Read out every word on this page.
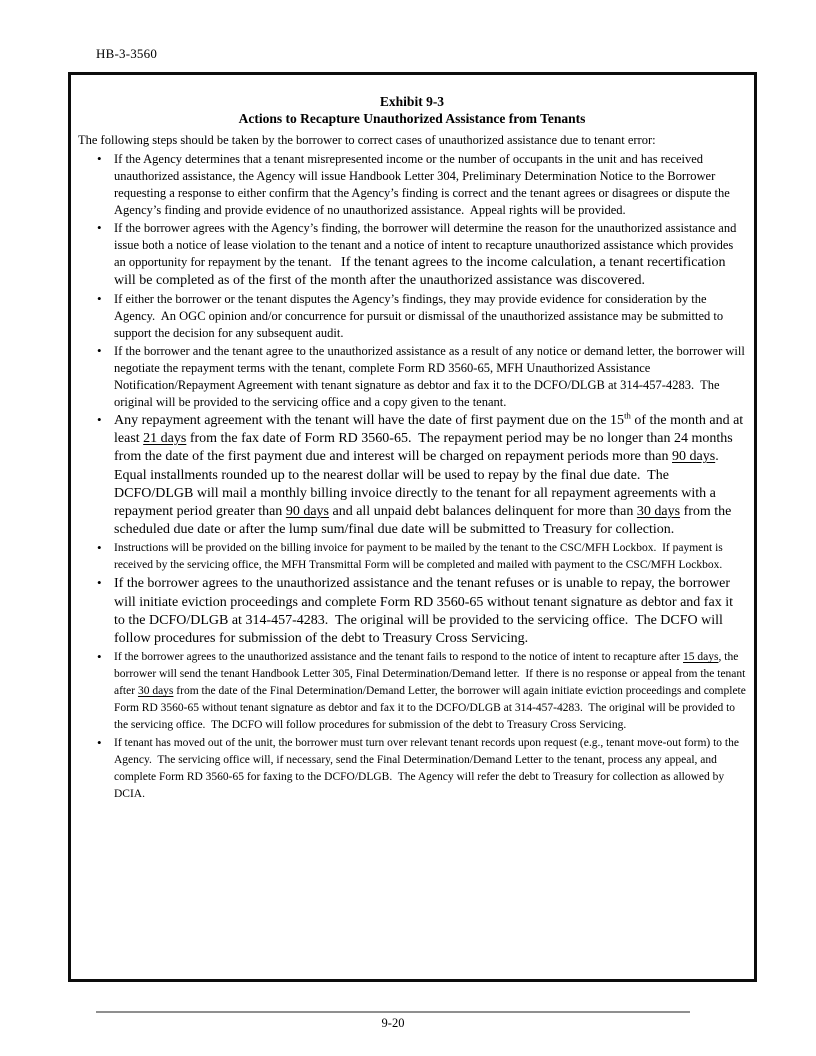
HB-3-3560
Exhibit 9-3
Actions to Recapture Unauthorized Assistance from Tenants
The following steps should be taken by the borrower to correct cases of unauthorized assistance due to tenant error:
• If the Agency determines that a tenant misrepresented income or the number of occupants in the unit and has received unauthorized assistance, the Agency will issue Handbook Letter 304, Preliminary Determination Notice to the Borrower requesting a response to either confirm that the Agency’s finding is correct and the tenant agrees or disagrees or dispute the Agency’s finding and provide evidence of no unauthorized assistance.  Appeal rights will be provided.
• If the borrower agrees with the Agency’s finding, the borrower will determine the reason for the unauthorized assistance and issue both a notice of lease violation to the tenant and a notice of intent to recapture unauthorized assistance which provides an opportunity for repayment by the tenant.   If the tenant agrees to the income calculation, a tenant recertification will be completed as of the first of the month after the unauthorized assistance was discovered.
• If either the borrower or the tenant disputes the Agency’s findings, they may provide evidence for consideration by the Agency.  An OGC opinion and/or concurrence for pursuit or dismissal of the unauthorized assistance may be submitted to support the decision for any subsequent audit.
• If the borrower and the tenant agree to the unauthorized assistance as a result of any notice or demand letter, the borrower will negotiate the repayment terms with the tenant, complete Form RD 3560-65, MFH Unauthorized Assistance Notification/Repayment Agreement with tenant signature as debtor and fax it to the DCFO/DLGB at 314-457-4283.  The original will be provided to the servicing office and a copy given to the tenant.
• Any repayment agreement with the tenant will have the date of first payment due on the 15th of the month and at least 21 days from the fax date of Form RD 3560-65.  The repayment period may be no longer than 24 months from the date of the first payment due and interest will be charged on repayment periods more than 90 days.  Equal installments rounded up to the nearest dollar will be used to repay by the final due date.  The DCFO/DLGB will mail a monthly billing invoice directly to the tenant for all repayment agreements with a repayment period greater than 90 days and all unpaid debt balances delinquent for more than 30 days from the scheduled due date or after the lump sum/final due date will be submitted to Treasury for collection.
• Instructions will be provided on the billing invoice for payment to be mailed by the tenant to the CSC/MFH Lockbox.  If payment is received by the servicing office, the MFH Transmittal Form will be completed and mailed with payment to the CSC/MFH Lockbox.
• If the borrower agrees to the unauthorized assistance and the tenant refuses or is unable to repay, the borrower will initiate eviction proceedings and complete Form RD 3560-65 without tenant signature as debtor and fax it to the DCFO/DLGB at 314-457-4283.  The original will be provided to the servicing office.  The DCFO will follow procedures for submission of the debt to Treasury Cross Servicing.
• If the borrower agrees to the unauthorized assistance and the tenant fails to respond to the notice of intent to recapture after 15 days, the borrower will send the tenant Handbook Letter 305, Final Determination/Demand letter.  If there is no response or appeal from the tenant after 30 days from the date of the Final Determination/Demand Letter, the borrower will again initiate eviction proceedings and complete Form RD 3560-65 without tenant signature as debtor and fax it to the DCFO/DLGB at 314-457-4283.  The original will be provided to the servicing office.  The DCFO will follow procedures for submission of the debt to Treasury Cross Servicing.
• If tenant has moved out of the unit, the borrower must turn over relevant tenant records upon request (e.g., tenant move-out form) to the Agency.  The servicing office will, if necessary, send the Final Determination/Demand Letter to the tenant, process any appeal, and complete Form RD 3560-65 for faxing to the DCFO/DLGB.  The Agency will refer the debt to Treasury for collection as allowed by DCIA.
9-20
